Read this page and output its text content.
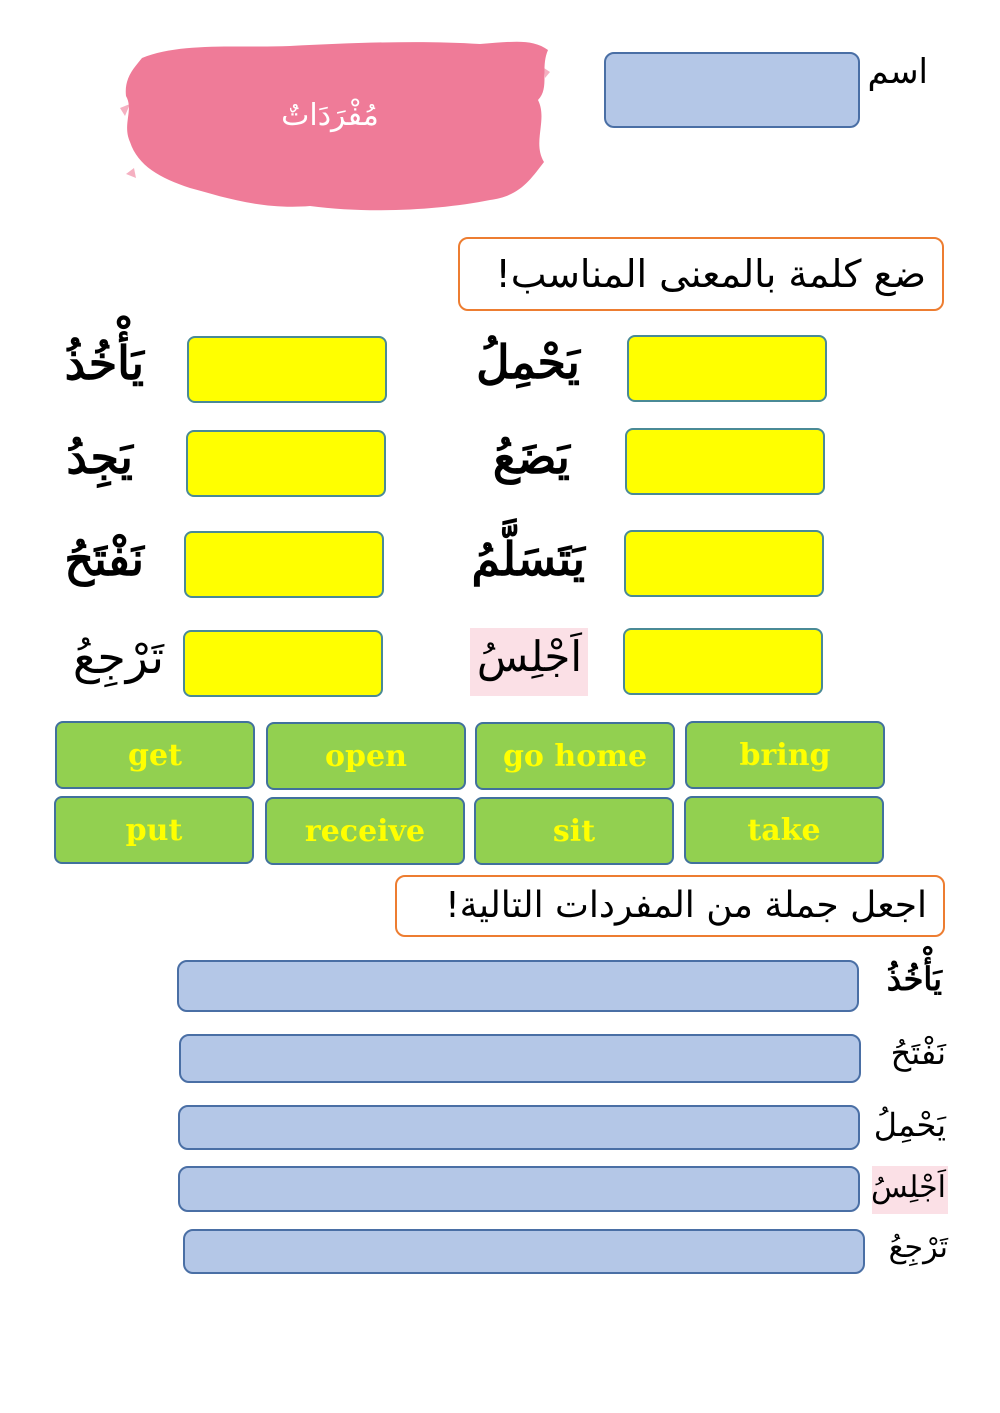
مُفْرَدَاتٌ
اسم
ضع كلمة بالمعنى المناسب!
يَحْمِلُ
يَضَعُ
يَتَسَلَّمُ
اَجْلِسُ
يَأْخُذُ
يَجِدُ
نَفْتَحُ
تَرْجِعُ
get	open	go home	bring
put	receive	sit	take
اجعل جملة من المفردات التالية!
يَأْخُذُ
نَفْتَحُ
يَحْمِلُ
اَجْلِسُ
تَرْجِعُ
